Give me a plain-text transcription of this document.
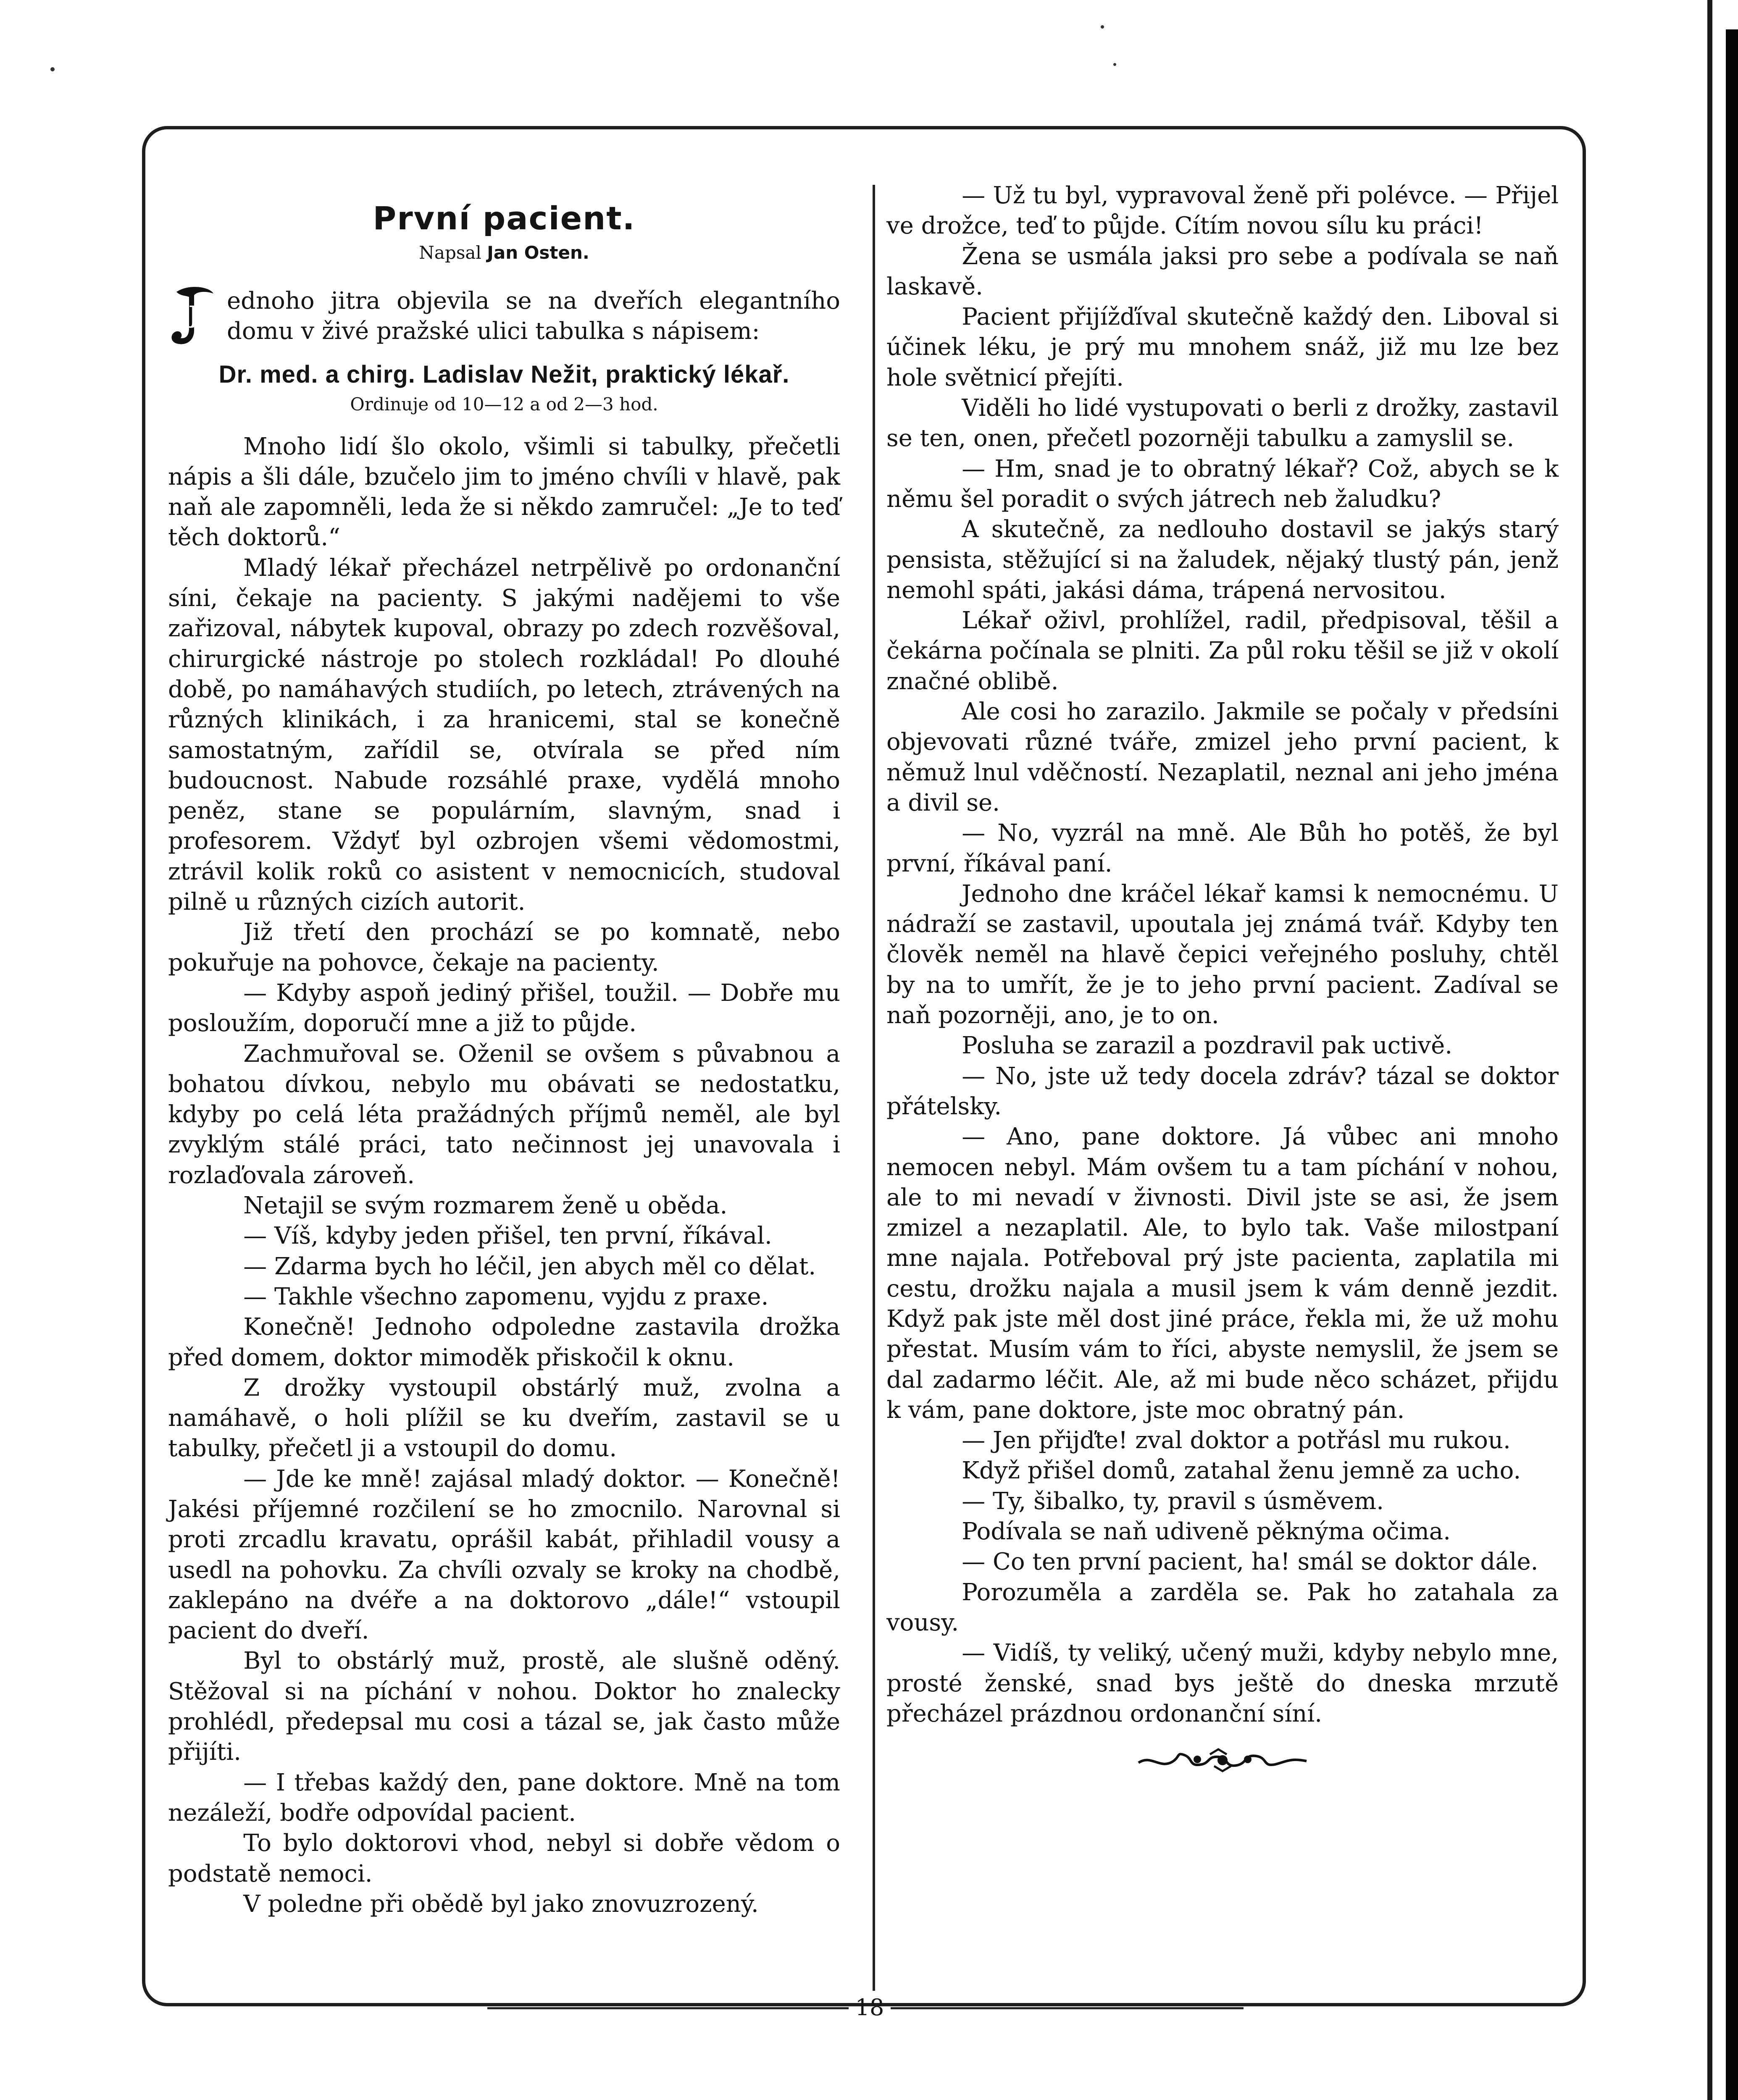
První pacient.
Napsal Jan Osten.

J
ednoho jitra objevila se na dveřích elegantního domu v živé pražské ulici tabulka s nápisem:

Dr. med. a chirg. Ladislav Nežit, praktický lékař.
Ordinuje od 10—12 a od 2—3 hod.

Mnoho lidí šlo okolo, všimli si tabulky, přečetli nápis a šli dále, bzučelo jim to jméno chvíli v hlavě, pak naň ale zapomněli, leda že si někdo zamručel: „Je to teď těch doktorů.“

Mladý lékař přecházel netrpělivě po ordonanční síni, čekaje na pacienty. S jakými nadějemi to vše zařizoval, nábytek kupoval, obrazy po zdech rozvěšoval, chirurgické nástroje po stolech rozkládal! Po dlouhé době, po namáhavých studiích, po letech, ztrávených na různých klinikách, i za hranicemi, stal se konečně samostatným, zařídil se, otvírala se před ním budoucnost. Nabude rozsáhlé praxe, vydělá mnoho peněz, stane se populárním, slavným, snad i profesorem. Vždyť byl ozbrojen všemi vědomostmi, ztrávil kolik roků co asistent v nemocnicích, studoval pilně u různých cizích autorit.

Již třetí den prochází se po komnatě, nebo pokuřuje na pohovce, čekaje na pacienty.

— Kdyby aspoň jediný přišel, toužil. — Dobře mu posloužím, doporučí mne a již to půjde.

Zachmuřoval se. Oženil se ovšem s půvabnou a bohatou dívkou, nebylo mu obávati se nedostatku, kdyby po celá léta pražádných příjmů neměl, ale byl zvyklým stálé práci, tato nečinnost jej unavovala i rozlaďovala zároveň.

Netajil se svým rozmarem ženě u oběda.

— Víš, kdyby jeden přišel, ten první, říkával.

— Zdarma bych ho léčil, jen abych měl co dělat.

— Takhle všechno zapomenu, vyjdu z praxe.

Konečně! Jednoho odpoledne zastavila drožka před domem, doktor mimoděk přiskočil k oknu.

Z drožky vystoupil obstárlý muž, zvolna a namáhavě, o holi plížil se ku dveřím, zastavil se u tabulky, přečetl ji a vstoupil do domu.

— Jde ke mně! zajásal mladý doktor. — Konečně! Jakési příjemné rozčilení se ho zmocnilo. Narovnal si proti zrcadlu kravatu, oprášil kabát, přihladil vousy a usedl na pohovku. Za chvíli ozvaly se kroky na chodbě, zaklepáno na dvéře a na doktorovo „dále!“ vstoupil pacient do dveří.

Byl to obstárlý muž, prostě, ale slušně oděný. Stěžoval si na píchání v nohou. Doktor ho znalecky prohlédl, předepsal mu cosi a tázal se, jak často může přijíti.

— I třebas každý den, pane doktore. Mně na tom nezáleží, bodře odpovídal pacient.

To bylo doktorovi vhod, nebyl si dobře vědom o podstatě nemoci.

V poledne při obědě byl jako znovuzrozený.

— Už tu byl, vypravoval ženě při polévce. — Přijel ve drožce, teď to půjde. Cítím novou sílu ku práci!

Žena se usmála jaksi pro sebe a podívala se naň laskavě.

Pacient přijížďíval skutečně každý den. Liboval si účinek léku, je prý mu mnohem snáž, již mu lze bez hole světnicí přejíti.

Viděli ho lidé vystupovati o berli z drožky, zastavil se ten, onen, přečetl pozorněji tabulku a zamyslil se.

— Hm, snad je to obratný lékař? Což, abych se k němu šel poradit o svých játrech neb žaludku?

A skutečně, za nedlouho dostavil se jakýs starý pensista, stěžující si na žaludek, nějaký tlustý pán, jenž nemohl spáti, jakási dáma, trápená nervositou.

Lékař oživl, prohlížel, radil, předpisoval, těšil a čekárna počínala se plniti. Za půl roku těšil se již v okolí značné oblibě.

Ale cosi ho zarazilo. Jakmile se počaly v předsíni objevovati různé tváře, zmizel jeho první pacient, k němuž lnul vděčností. Nezaplatil, neznal ani jeho jména a divil se.

— No, vyzrál na mně. Ale Bůh ho potěš, že byl první, říkával paní.

Jednoho dne kráčel lékař kamsi k nemocnému. U nádraží se zastavil, upoutala jej známá tvář. Kdyby ten člověk neměl na hlavě čepici veřejného posluhy, chtěl by na to umřít, že je to jeho první pacient. Zadíval se naň pozorněji, ano, je to on.

Posluha se zarazil a pozdravil pak uctivě.

— No, jste už tedy docela zdráv? tázal se doktor přátelsky.

— Ano, pane doktore. Já vůbec ani mnoho nemocen nebyl. Mám ovšem tu a tam píchání v nohou, ale to mi nevadí v živnosti. Divil jste se asi, že jsem zmizel a nezaplatil. Ale, to bylo tak. Vaše milostpaní mne najala. Potřeboval prý jste pacienta, zaplatila mi cestu, drožku najala a musil jsem k vám denně jezdit. Když pak jste měl dost jiné práce, řekla mi, že už mohu přestat. Musím vám to říci, abyste nemyslil, že jsem se dal zadarmo léčit. Ale, až mi bude něco scházet, přijdu k vám, pane doktore, jste moc obratný pán.

— Jen přijďte! zval doktor a potřásl mu rukou.

Když přišel domů, zatahal ženu jemně za ucho.

— Ty, šibalko, ty, pravil s úsměvem.

Podívala se naň udiveně pěknýma očima.

— Co ten první pacient, ha! smál se doktor dále.

Porozuměla a zarděla se. Pak ho zatahala za vousy.

— Vidíš, ty veliký, učený muži, kdyby nebylo mne, prosté ženské, snad bys ještě do dneska mrzutě přecházel prázdnou ordonanční síní.

18
